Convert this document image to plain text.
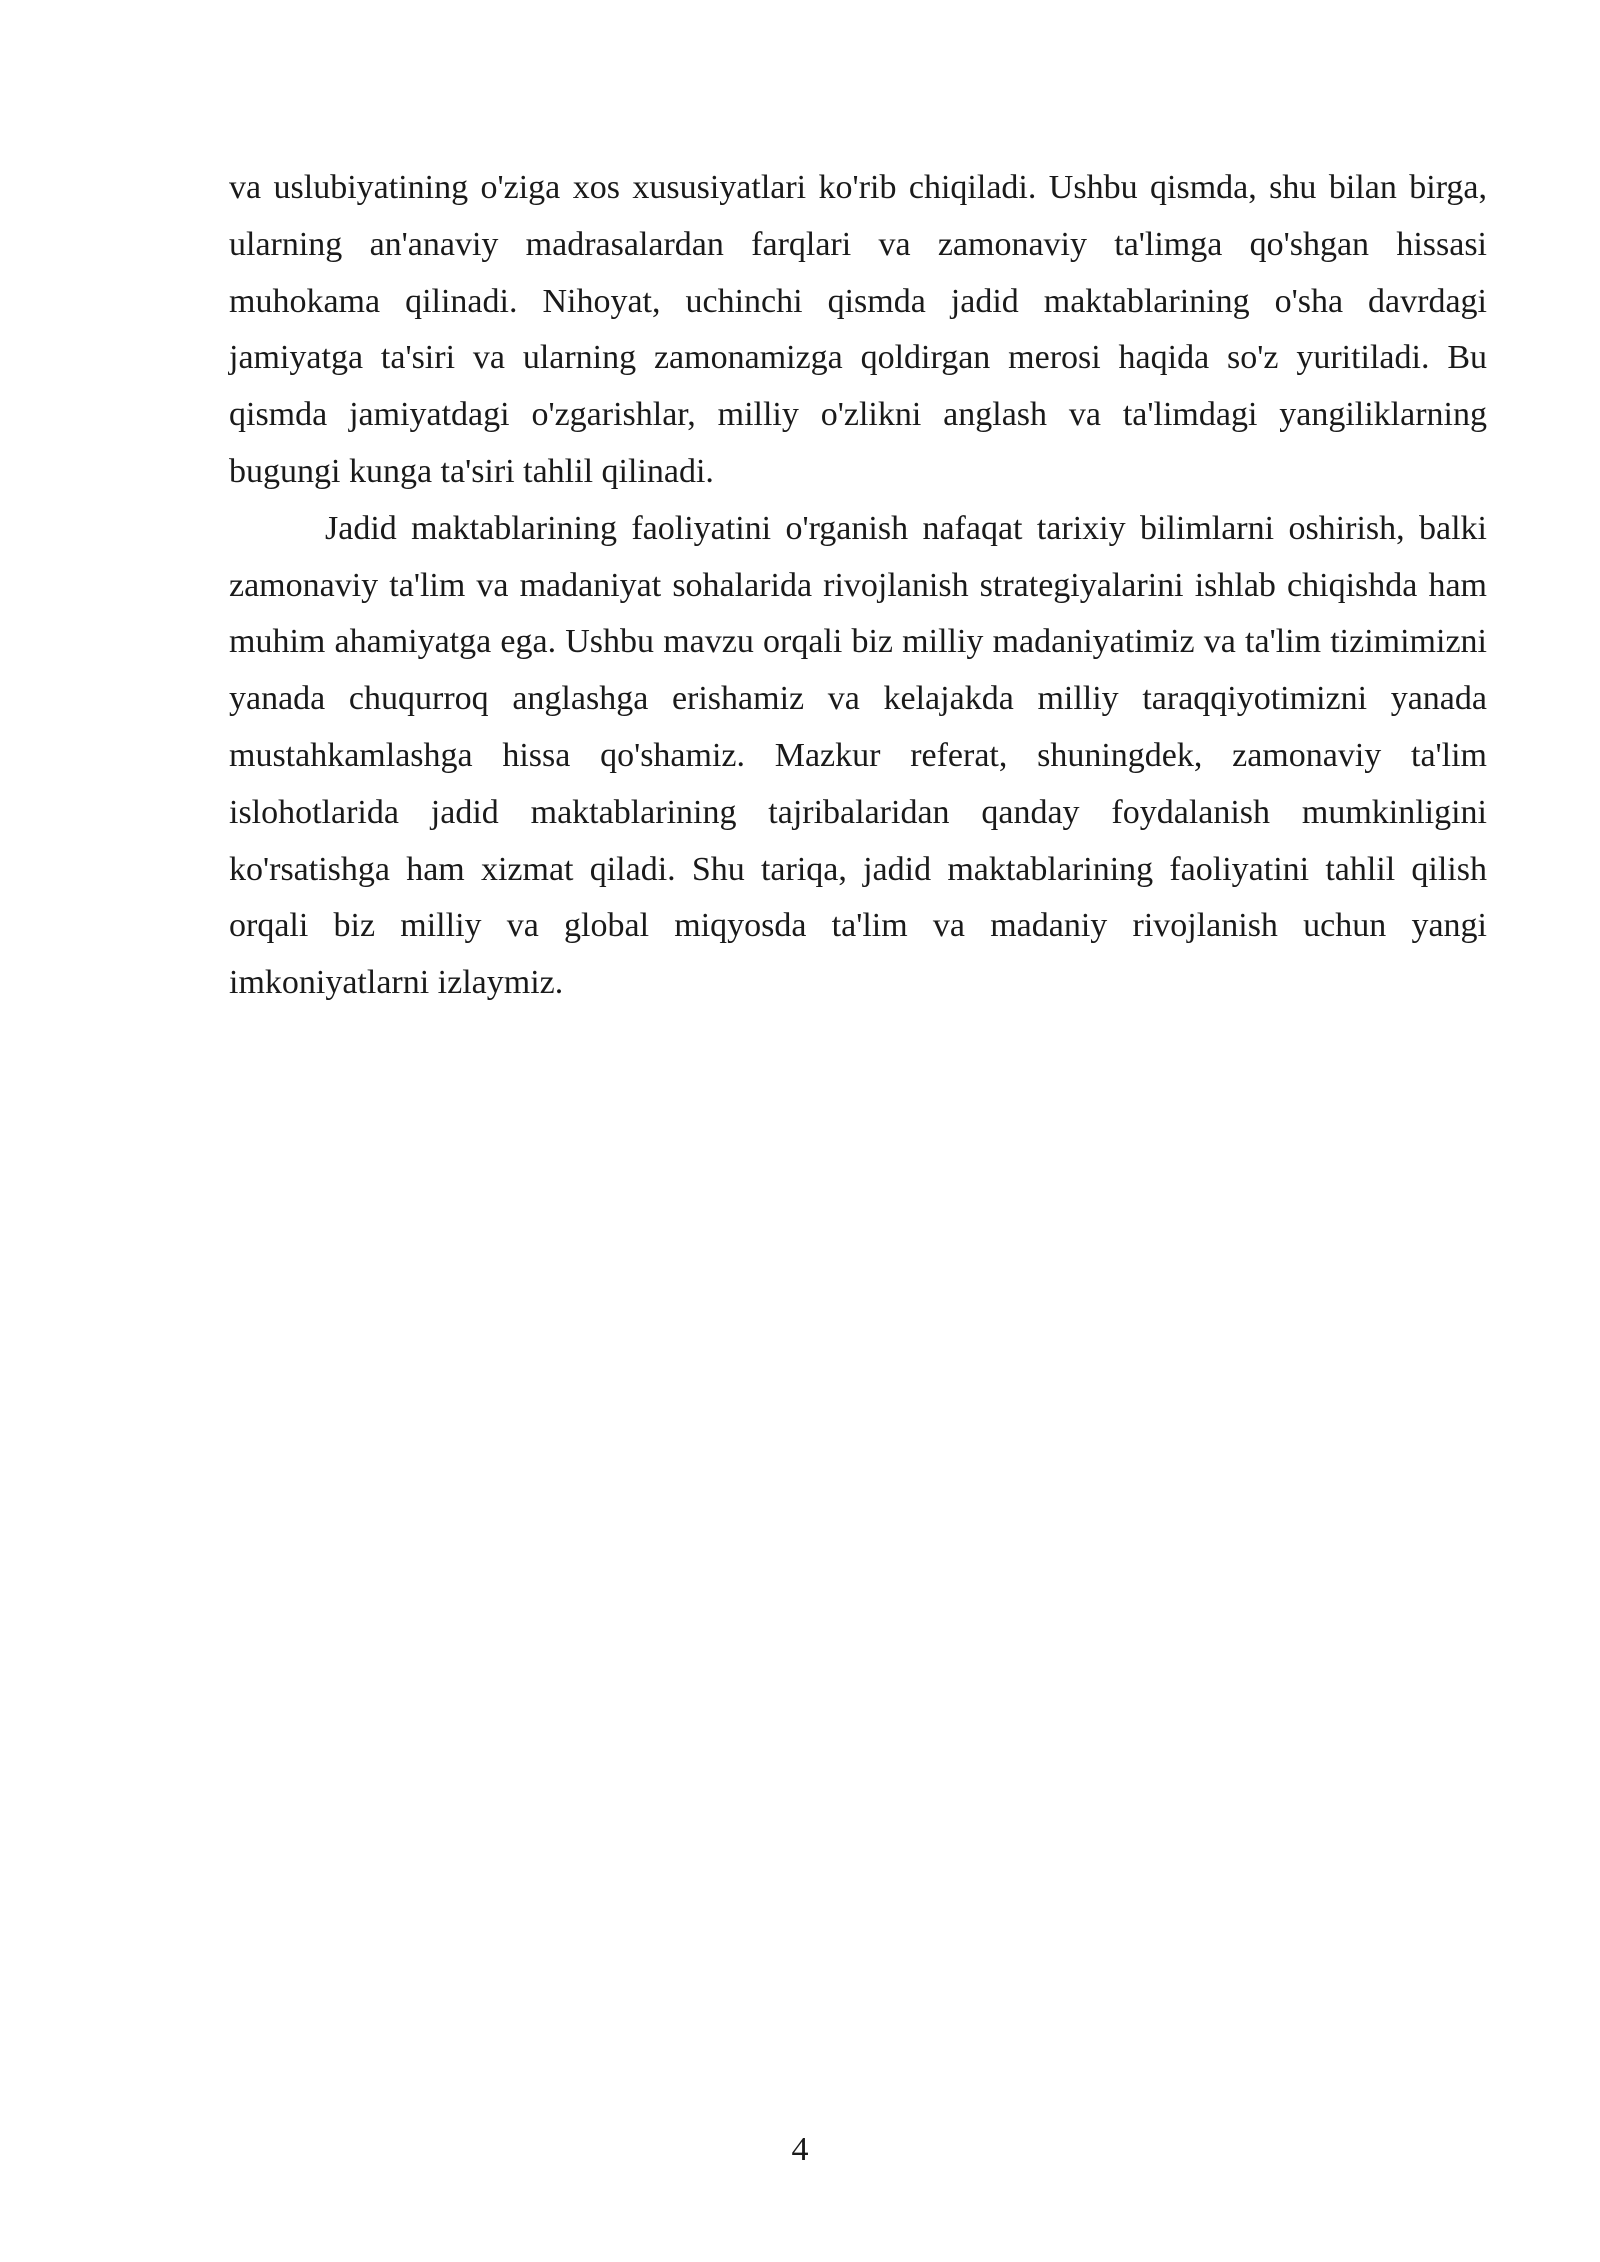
va uslubiyatining o'ziga xos xususiyatlari ko'rib chiqiladi. Ushbu qismda, shu bilan birga, ularning an'anaviy madrasalardan farqlari va zamonaviy ta'limga qo'shgan hissasi muhokama qilinadi. Nihoyat, uchinchi qismda jadid maktablarining o'sha davrdagi jamiyatga ta'siri va ularning zamonamizga qoldirgan merosi haqida so'z yuritiladi. Bu qismda jamiyatdagi o'zgarishlar, milliy o'zlikni anglash va ta'limdagi yangiliklarning bugungi kunga ta'siri tahlil qilinadi.

Jadid maktablarining faoliyatini o'rganish nafaqat tarixiy bilimlarni oshirish, balki zamonaviy ta'lim va madaniyat sohalarida rivojlanish strategiyalarini ishlab chiqishda ham muhim ahamiyatga ega. Ushbu mavzu orqali biz milliy madaniyatimiz va ta'lim tizimimizni yanada chuqurroq anglashga erishamiz va kelajakda milliy taraqqiyotimizni yanada mustahkamlashga hissa qo'shamiz. Mazkur referat, shuningdek, zamonaviy ta'lim islohotlarida jadid maktablarining tajribalaridan qanday foydalanish mumkinligini ko'rsatishga ham xizmat qiladi. Shu tariqa, jadid maktablarining faoliyatini tahlil qilish orqali biz milliy va global miqyosda ta'lim va madaniy rivojlanish uchun yangi imkoniyatlarni izlaymiz.

4
